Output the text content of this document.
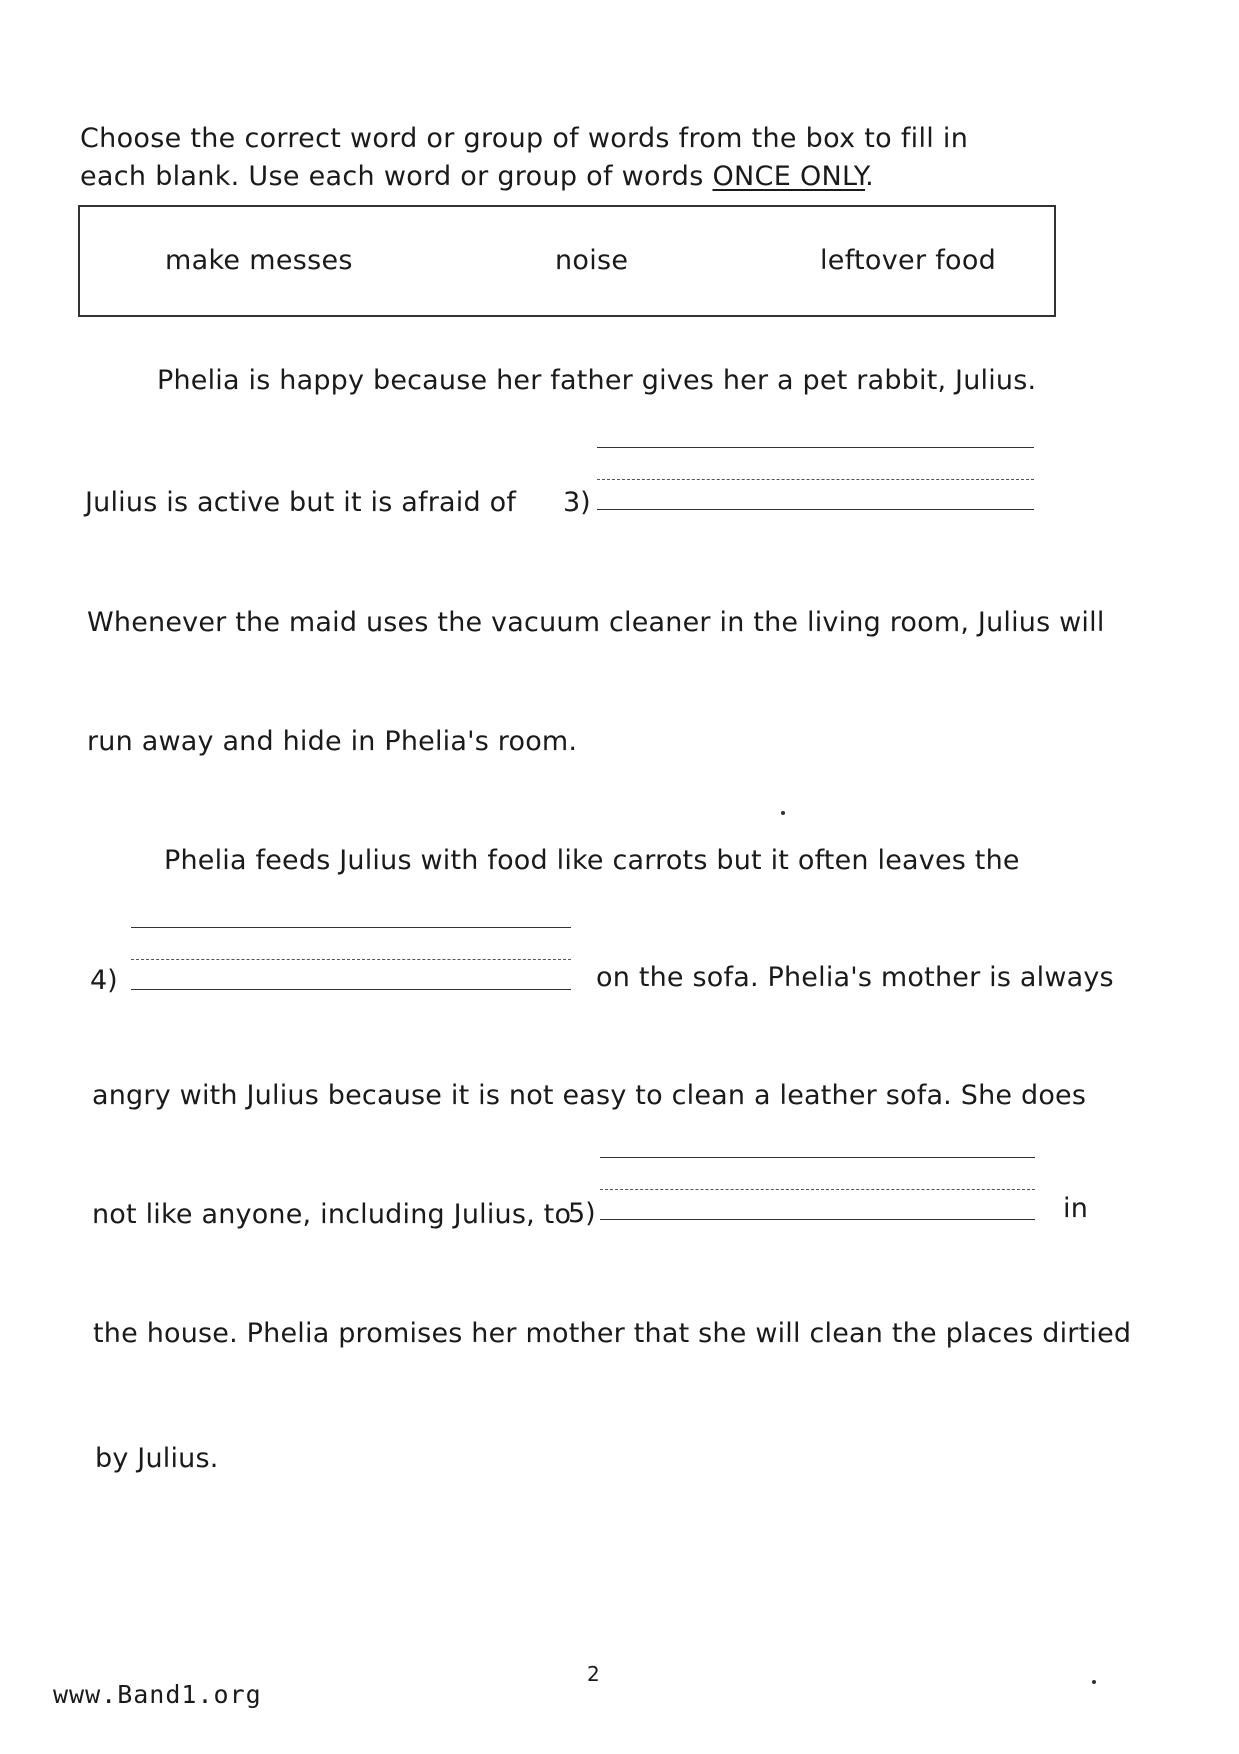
Choose the correct word or group of words from the box to fill in
each blank. Use each word or group of words ONCE ONLY.
make messes	noise	leftover food
Phelia is happy because her father gives her a pet rabbit, Julius.
Julius is active but it is afraid of 3)
Whenever the maid uses the vacuum cleaner in the living room, Julius will
run away and hide in Phelia's room.
Phelia feeds Julius with food like carrots but it often leaves the
4)	on the sofa. Phelia's mother is always
angry with Julius because it is not easy to clean a leather sofa. She does
not like anyone, including Julius, to
5)	in
the house. Phelia promises her mother that she will clean the places dirtied
by Julius.
2
www.Band1.org
